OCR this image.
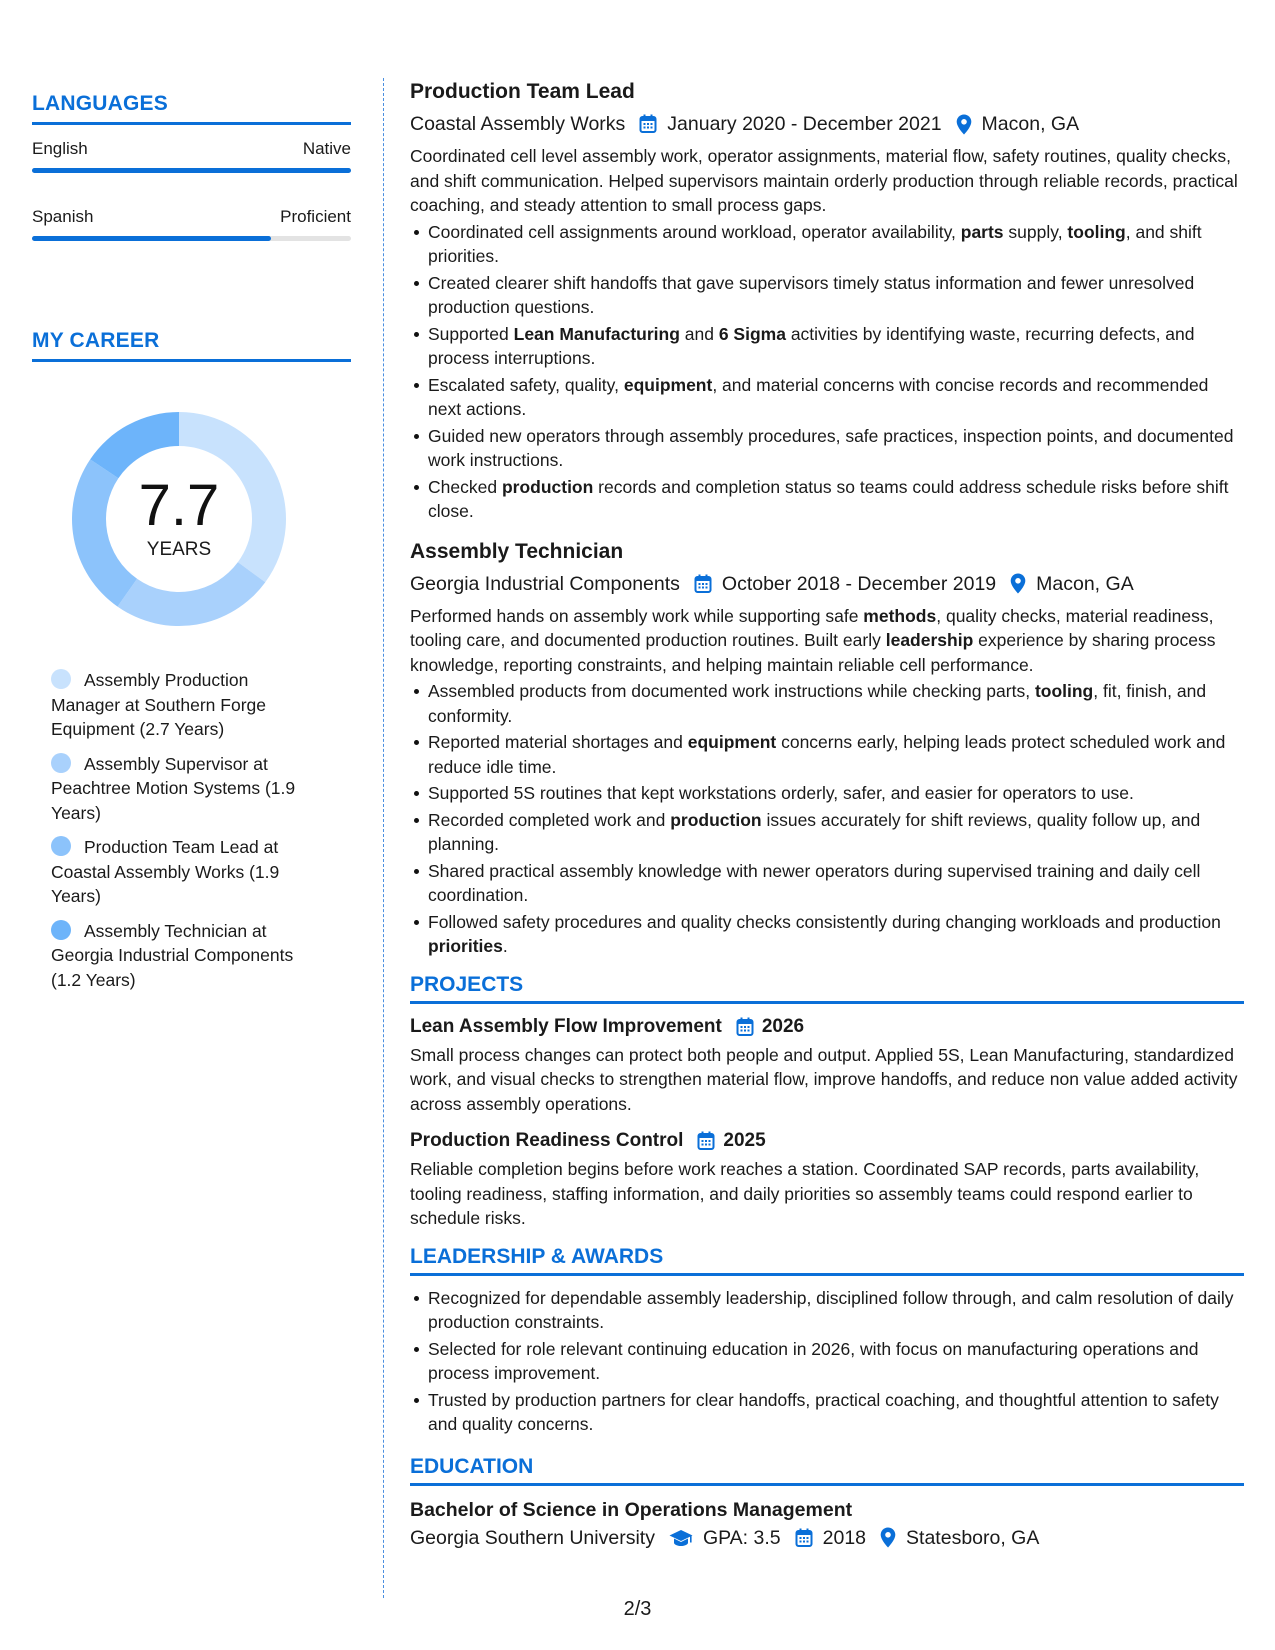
LANGUAGES
English	Native
Spanish	Proficient
MY CAREER
7.7
YEARS
Assembly Production Manager at Southern Forge Equipment (2.7 Years)
Assembly Supervisor at Peachtree Motion Systems (1.9 Years)
Production Team Lead at Coastal Assembly Works (1.9 Years)
Assembly Technician at Georgia Industrial Components (1.2 Years)
Production Team Lead
Coastal Assembly Works January 2020 - December 2021 Macon, GA
Coordinated cell level assembly work, operator assignments, material flow, safety routines, quality checks, and shift communication. Helped supervisors maintain orderly production through reliable records, practical coaching, and steady attention to small process gaps.
Coordinated cell assignments around workload, operator availability, parts supply, tooling, and shift priorities.
Created clearer shift handoffs that gave supervisors timely status information and fewer unresolved production questions.
Supported Lean Manufacturing and 6 Sigma activities by identifying waste, recurring defects, and process interruptions.
Escalated safety, quality, equipment, and material concerns with concise records and recommended next actions.
Guided new operators through assembly procedures, safe practices, inspection points, and documented work instructions.
Checked production records and completion status so teams could address schedule risks before shift close.
Assembly Technician
Georgia Industrial Components October 2018 - December 2019 Macon, GA
Performed hands on assembly work while supporting safe methods, quality checks, material readiness, tooling care, and documented production routines. Built early leadership experience by sharing process knowledge, reporting constraints, and helping maintain reliable cell performance.
Assembled products from documented work instructions while checking parts, tooling, fit, finish, and conformity.
Reported material shortages and equipment concerns early, helping leads protect scheduled work and reduce idle time.
Supported 5S routines that kept workstations orderly, safer, and easier for operators to use.
Recorded completed work and production issues accurately for shift reviews, quality follow up, and planning.
Shared practical assembly knowledge with newer operators during supervised training and daily cell coordination.
Followed safety procedures and quality checks consistently during changing workloads and production priorities.
PROJECTS
Lean Assembly Flow Improvement 2026
Small process changes can protect both people and output. Applied 5S, Lean Manufacturing, standardized work, and visual checks to strengthen material flow, improve handoffs, and reduce non value added activity across assembly operations.
Production Readiness Control 2025
Reliable completion begins before work reaches a station. Coordinated SAP records, parts availability, tooling readiness, staffing information, and daily priorities so assembly teams could respond earlier to schedule risks.
LEADERSHIP & AWARDS
Recognized for dependable assembly leadership, disciplined follow through, and calm resolution of daily production constraints.
Selected for role relevant continuing education in 2026, with focus on manufacturing operations and process improvement.
Trusted by production partners for clear handoffs, practical coaching, and thoughtful attention to safety and quality concerns.
EDUCATION
Bachelor of Science in Operations Management
Georgia Southern University GPA: 3.5 2018 Statesboro, GA
2/3
